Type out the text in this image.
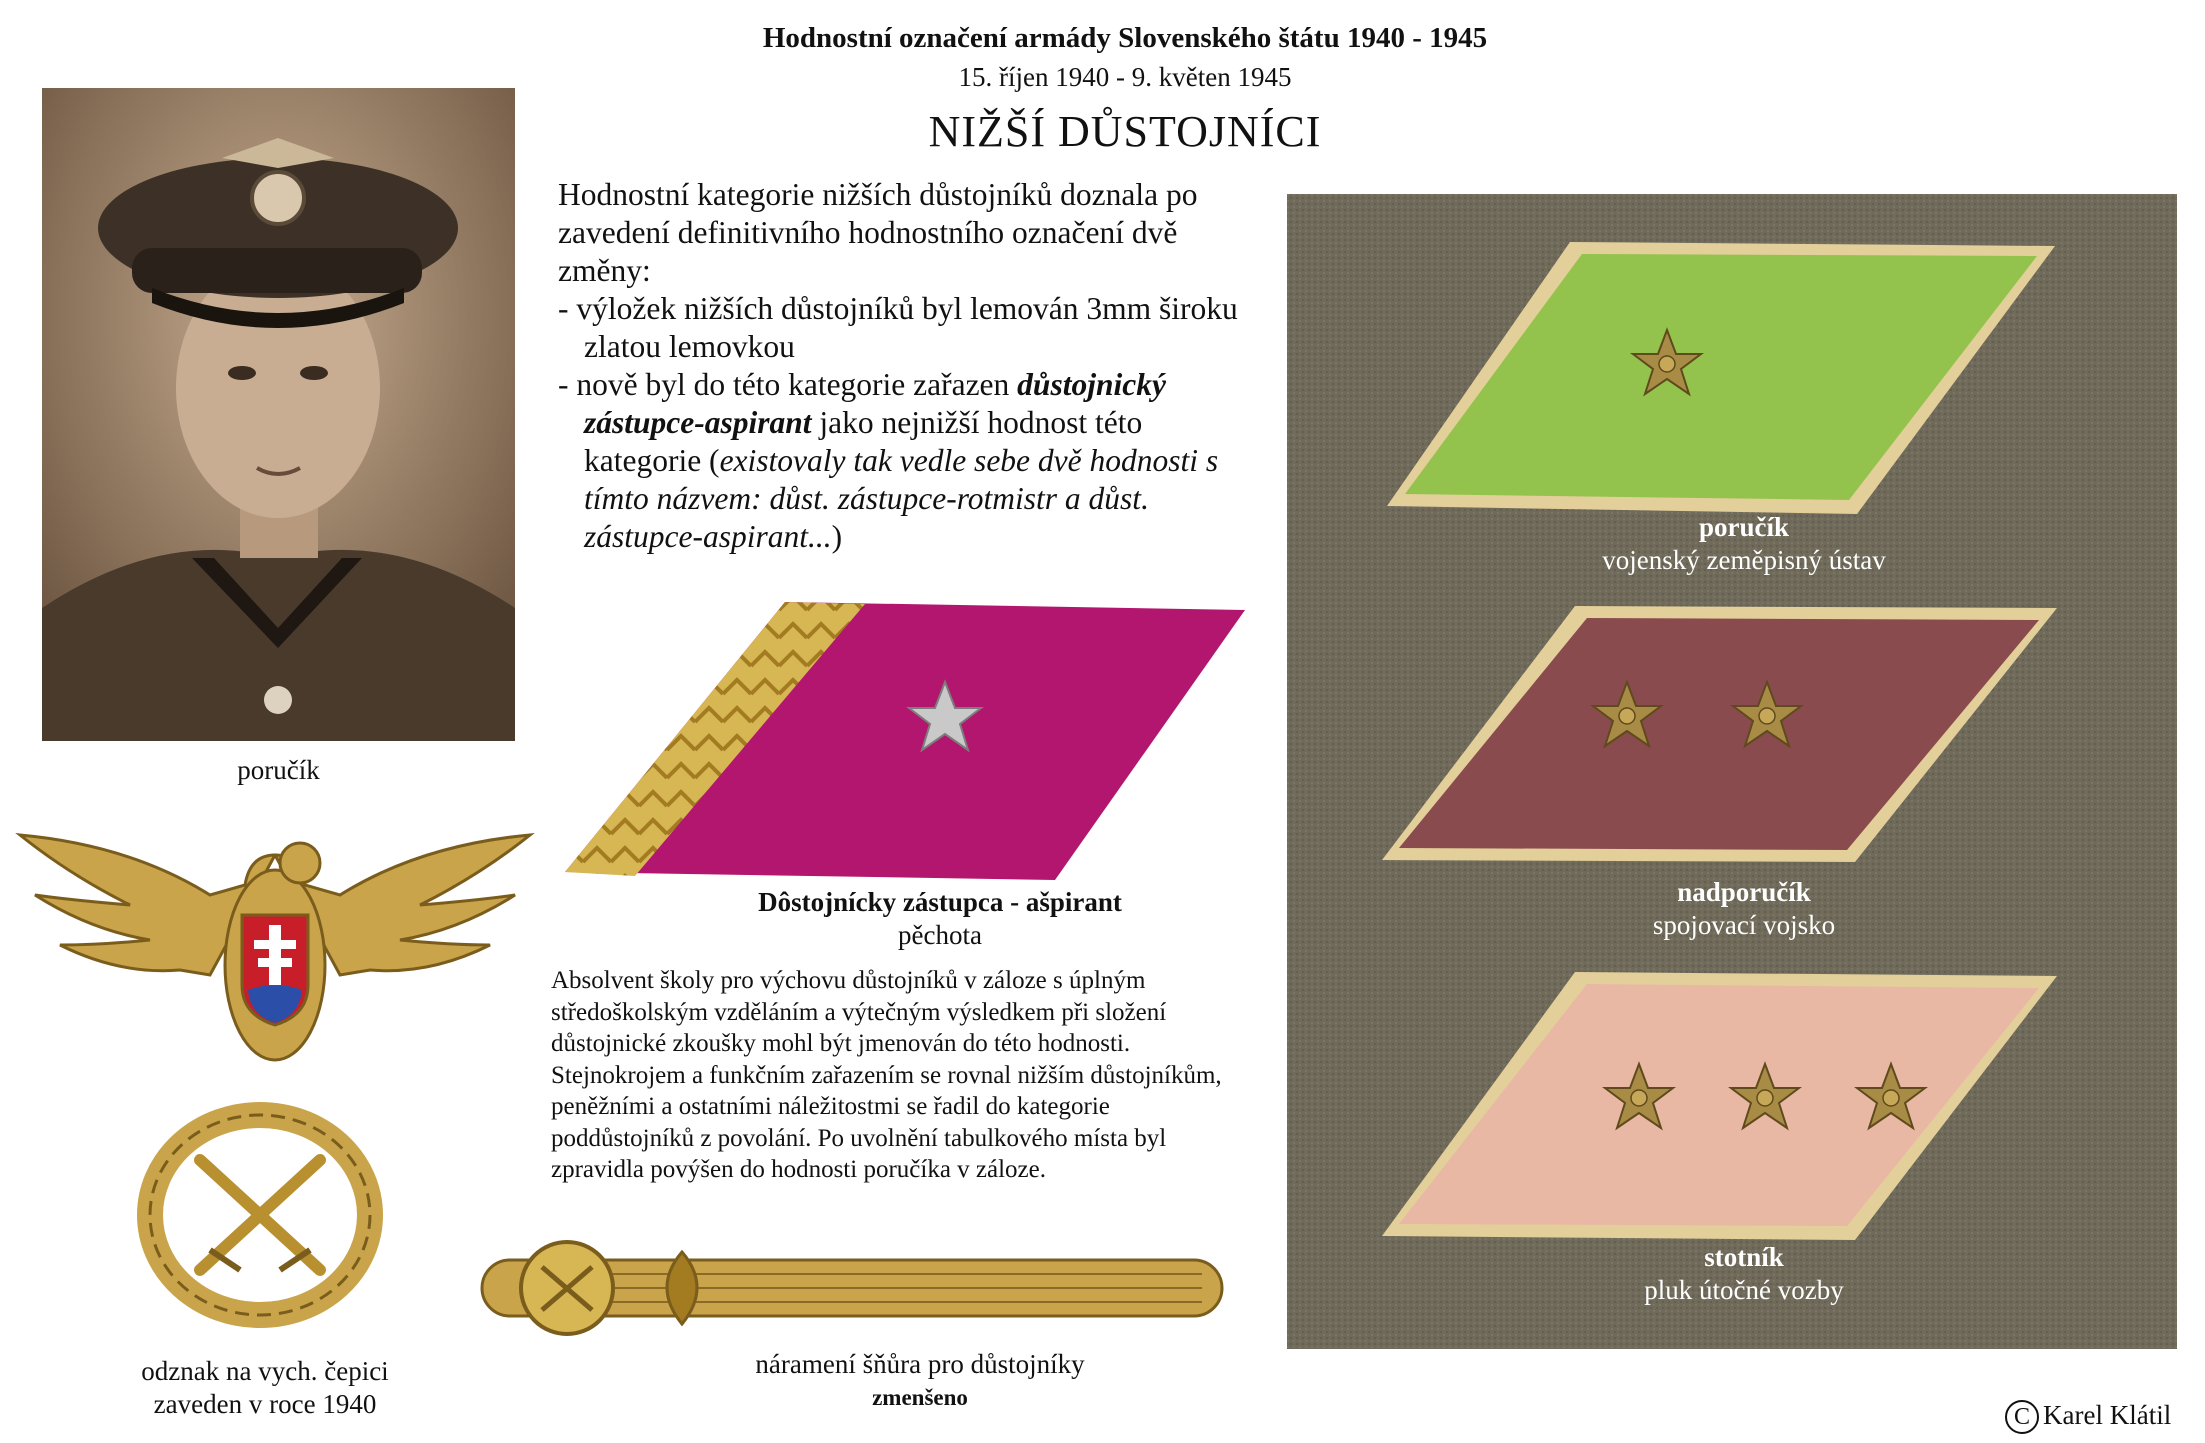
Hodnostní označení armády Slovenského štátu 1940 - 1945
15. říjen 1940 - 9. květen 1945
NIŽŠÍ DŮSTOJNÍCI
poručík

Hodnostní kategorie nižších důstojníků doznala po zavedení definitivního hodnostního označení dvě změny:

- výložek nižších důstojníků byl lemován 3mm široku zlatou lemovkou

- nově byl do této kategorie zařazen důstojnický zástupce-aspirant jako nejnižší hodnost této kategorie (existovaly tak vedle sebe dvě hodnosti s tímto názvem: důst. zástupce-rotmistr a důst. zástupce-aspirant...)

Dôstojnícky zástupca - ašpirant
pěchota
Absolvent školy pro výchovu důstojníků v záloze s úplným středoškolským vzděláním a výtečným výsledkem při složení důstojnické zkoušky mohl být jmenován do této hodnosti. Stejnokrojem a funkčním zařazením se rovnal nižším důstojníkům, peněžními a ostatními náležitostmi se řadil do kategorie poddůstojníků z povolání. Po uvolnění tabulkového místa byl zpravidla povýšen do hodnosti poručíka v záloze.
odznak na vych. čepici
zaveden v roce 1940
náramení šňůra pro důstojníky
zmenšeno
poručík
vojenský zeměpisný ústav
nadporučík
spojovací vojsko
stotník
pluk útočné vozby
C Karel Klátil
